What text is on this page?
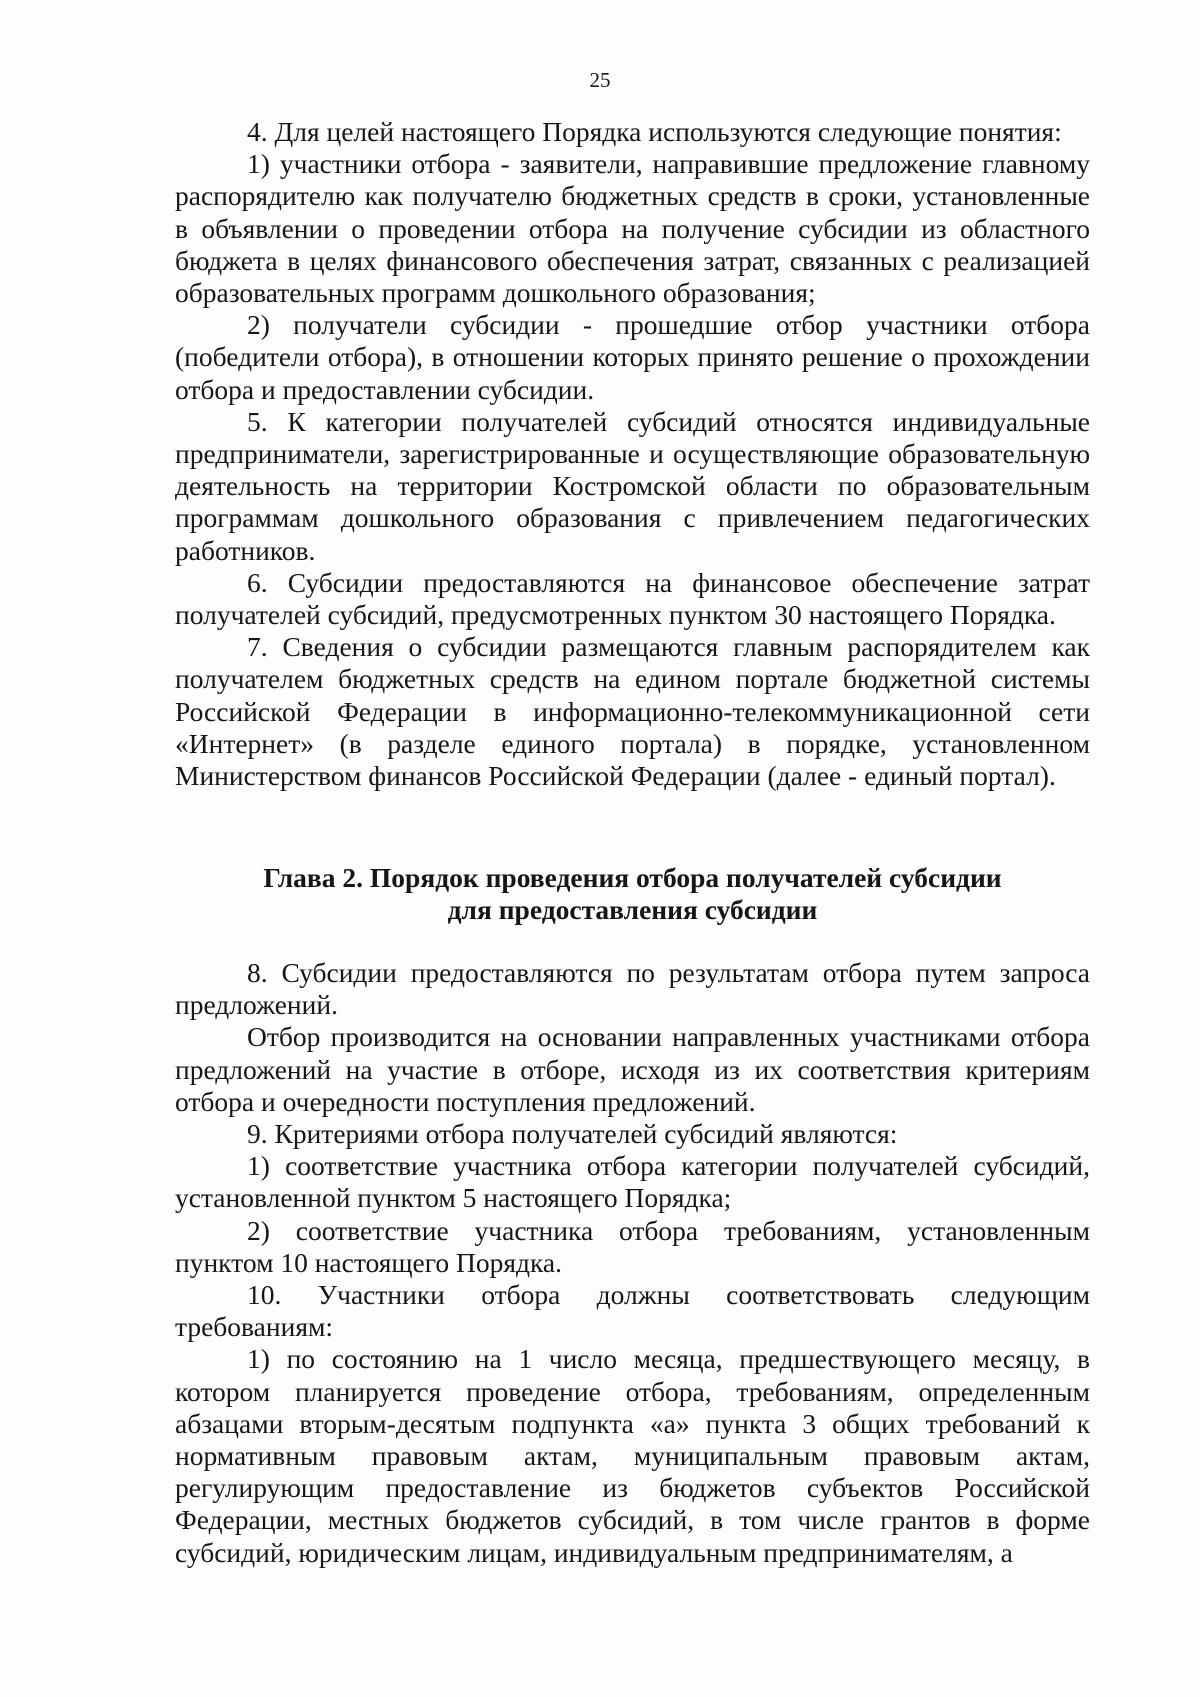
25

4. Для целей настоящего Порядка используются следующие понятия:

1) участники отбора - заявители, направившие предложение главному распорядителю как получателю бюджетных средств в сроки, установленные в объявлении о проведении отбора на получение субсидии из областного бюджета в целях финансового обеспечения затрат, связанных с реализацией образовательных программ дошкольного образования;

2) получатели субсидии - прошедшие отбор участники отбора (победители отбора), в отношении которых принято решение о прохождении отбора и предоставлении субсидии.

5. К категории получателей субсидий относятся индивидуальные предприниматели, зарегистрированные и осуществляющие образовательную деятельность на территории Костромской области по образовательным программам дошкольного образования с привлечением педагогических работников.

6. Субсидии предоставляются на финансовое обеспечение затрат получателей субсидий, предусмотренных пунктом 30 настоящего Порядка.

7. Сведения о субсидии размещаются главным распорядителем как получателем бюджетных средств на едином портале бюджетной системы Российской Федерации в информационно-телекоммуникационной сети «Интернет» (в разделе единого портала) в порядке, установленном Министерством финансов Российской Федерации (далее - единый портал).

Глава 2. Порядок проведения отбора получателей субсидии
для предоставления субсидии

8. Субсидии предоставляются по результатам отбора путем запроса предложений.

Отбор производится на основании направленных участниками отбора предложений на участие в отборе, исходя из их соответствия критериям отбора и очередности поступления предложений.

9. Критериями отбора получателей субсидий являются:

1) соответствие участника отбора категории получателей субсидий, установленной пунктом 5 настоящего Порядка;

2) соответствие участника отбора требованиям, установленным пунктом 10 настоящего Порядка.

10. Участники отбора должны соответствовать следующим требованиям:

1) по состоянию на 1 число месяца, предшествующего месяцу, в котором планируется проведение отбора, требованиям, определенным абзацами вторым-десятым подпункта «а» пункта 3 общих требований к нормативным правовым актам, муниципальным правовым актам, регулирующим предоставление из бюджетов субъектов Российской Федерации, местных бюджетов субсидий, в том числе грантов в форме субсидий, юридическим лицам, индивидуальным предпринимателям, а
